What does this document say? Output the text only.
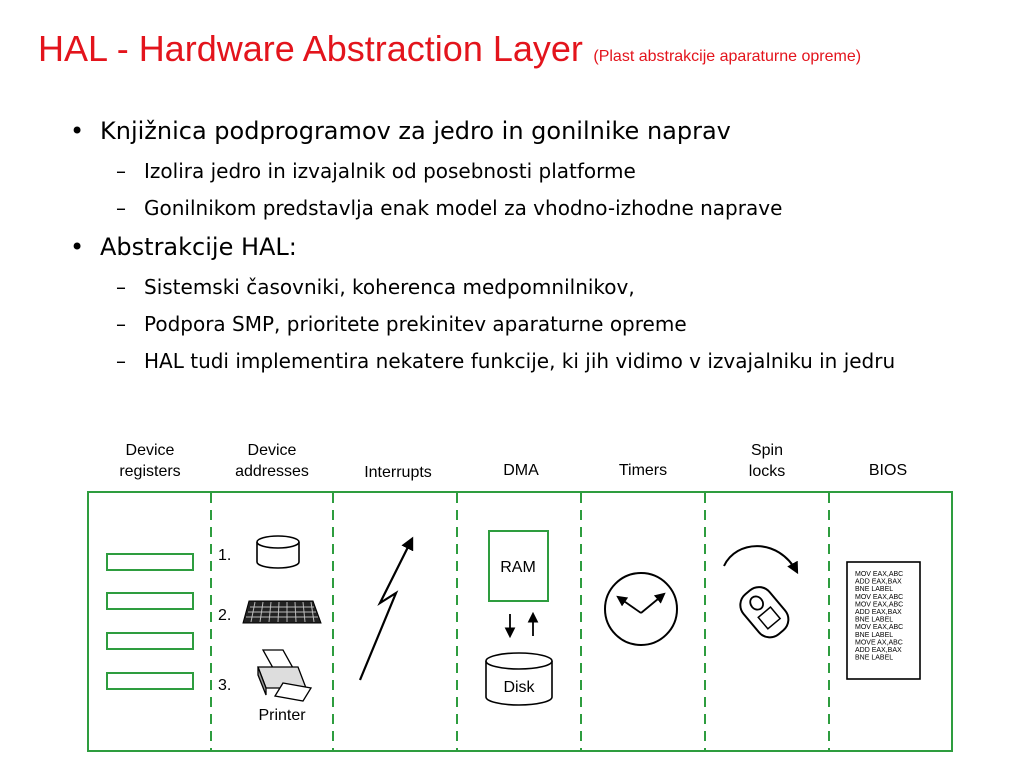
HAL - Hardware Abstraction Layer (Plast abstrakcije aparaturne opreme)
• Knjižnica podprogramov za jedro in gonilnike naprav
– Izolira jedro in izvajalnik od posebnosti platforme
– Gonilnikom predstavlja enak model za vhodno-izhodne naprave
• Abstrakcije HAL:
– Sistemski časovniki, koherenca medpomnilnikov,
– Podpora SMP, prioritete prekinitev aparaturne opreme
– HAL tudi implementira nekatere funkcije, ki jih vidimo v izvajalniku in jedru
Device
registers
Device
addresses	Interrupts	DMA	Timers
Spin
locks	BIOS
1.
2.
3.
Printer
RAM
Disk
MOV EAX,ABC
ADD EAX,BAX
BNE LABEL
MOV EAX,ABC
MOV EAX,ABC
ADD EAX,BAX
BNE LABEL
MOV EAX,ABC
BNE LABEL
MOVE AX,ABC
ADD EAX,BAX
BNE LABEL
